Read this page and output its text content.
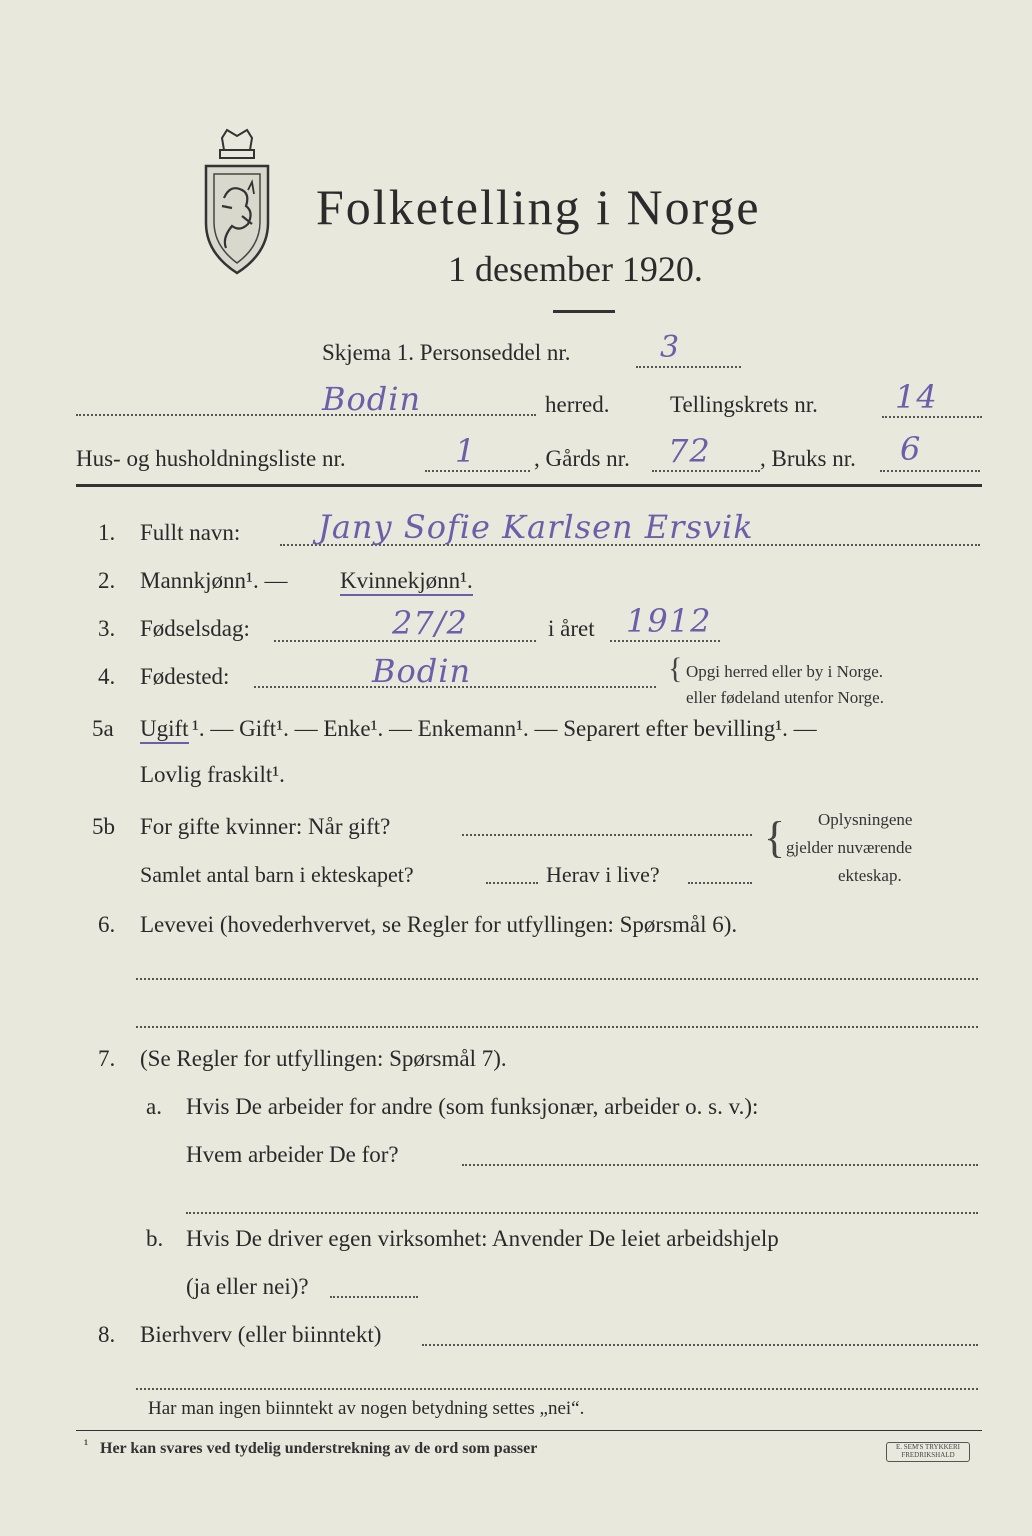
Folketelling i Norge
1 desember 1920.
Skjema 1. Personseddel nr.	3
Bodin	herred.	Tellingskrets nr. 14
Hus- og husholdningsliste nr.	1	, Gårds nr. 72 , Bruks nr. 6
1. Fullt navn: Jany Sofie Karlsen Ersvik
2. Mannkjønn¹. — Kvinnekjønn¹.
3. Fødselsdag:	27/2	i året 1912
4. Fødested:	Bodin	{ Opgi herred eller by i Norge.
eller fødeland utenfor Norge.
5a Ugift ¹. — Gift¹. — Enke¹. — Enkemann¹. — Separert efter bevilling¹. —
Lovlig fraskilt¹.
5b For gifte kvinner: Når gift?
Samlet antal barn i ekteskapet?	Herav i live?
{ Oplysningene
gjelder nuværende
ekteskap.
6. Levevei (hovederhvervet, se Regler for utfyllingen: Spørsmål 6).
7. (Se Regler for utfyllingen: Spørsmål 7).
a. Hvis De arbeider for andre (som funksjonær, arbeider o. s. v.):
Hvem arbeider De for?
b. Hvis De driver egen virksomhet: Anvender De leiet arbeidshjelp
(ja eller nei)?
8. Bierhverv (eller biinntekt)
Har man ingen biinntekt av nogen betydning settes „nei“.
¹ Her kan svares ved tydelig understrekning av de ord som passer	E. SEM'S TRYKKERI FREDRIKSHALD
